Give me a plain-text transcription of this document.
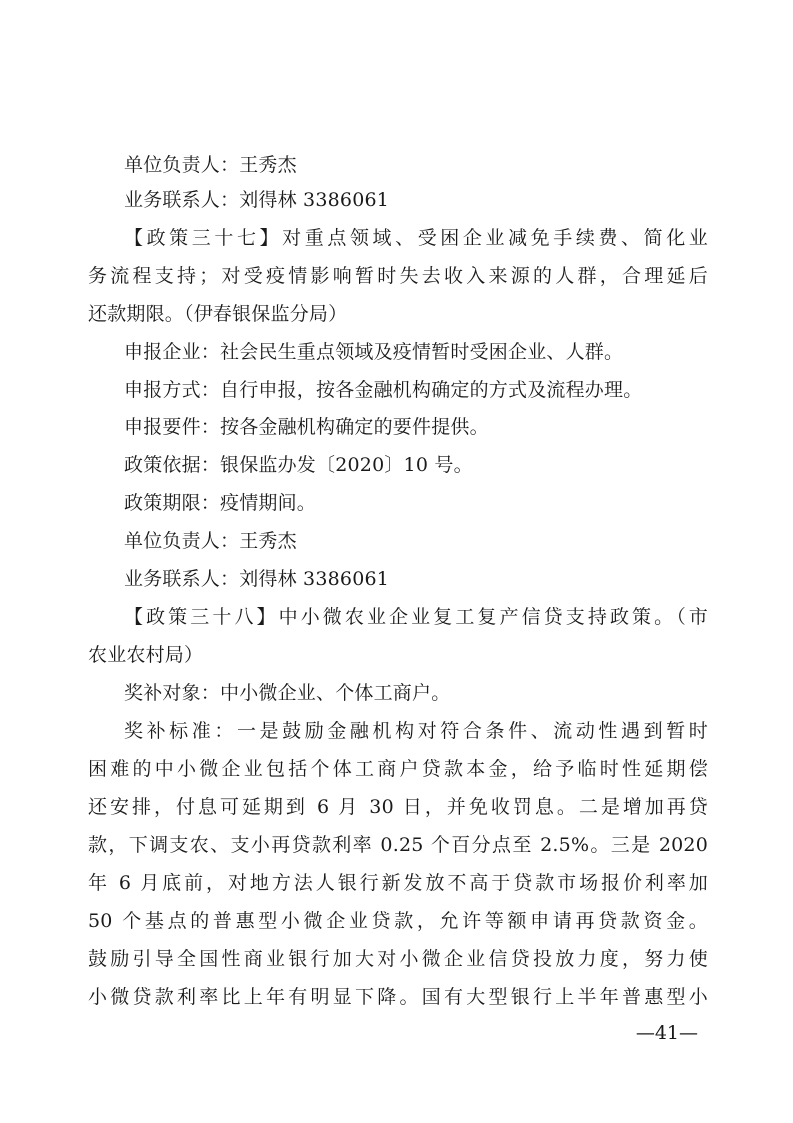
单位负责人：王秀杰
业务联系人：刘得林 3386061
【政策三十七】对重点领域、受困企业减免手续费、简化业
务流程支持；对受疫情影响暂时失去收入来源的人群，合理延后
还款期限。（伊春银保监分局）
申报企业：社会民生重点领域及疫情暂时受困企业、人群。
申报方式：自行申报，按各金融机构确定的方式及流程办理。
申报要件：按各金融机构确定的要件提供。
政策依据：银保监办发〔2020〕10 号。
政策期限：疫情期间。
单位负责人：王秀杰
业务联系人：刘得林 3386061
【政策三十八】中小微农业企业复工复产信贷支持政策。（市
农业农村局）
奖补对象：中小微企业、个体工商户。
奖补标准：一是鼓励金融机构对符合条件、流动性遇到暂时
困难的中小微企业包括个体工商户贷款本金，给予临时性延期偿
还安排，付息可延期到 6 月 30 日，并免收罚息。二是增加再贷
款，下调支农、支小再贷款利率 0.25 个百分点至 2.5%。三是 2020
年 6 月底前，对地方法人银行新发放不高于贷款市场报价利率加
50 个基点的普惠型小微企业贷款，允许等额申请再贷款资金。
鼓励引导全国性商业银行加大对小微企业信贷投放力度，努力使
小微贷款利率比上年有明显下降。国有大型银行上半年普惠型小
—41—
